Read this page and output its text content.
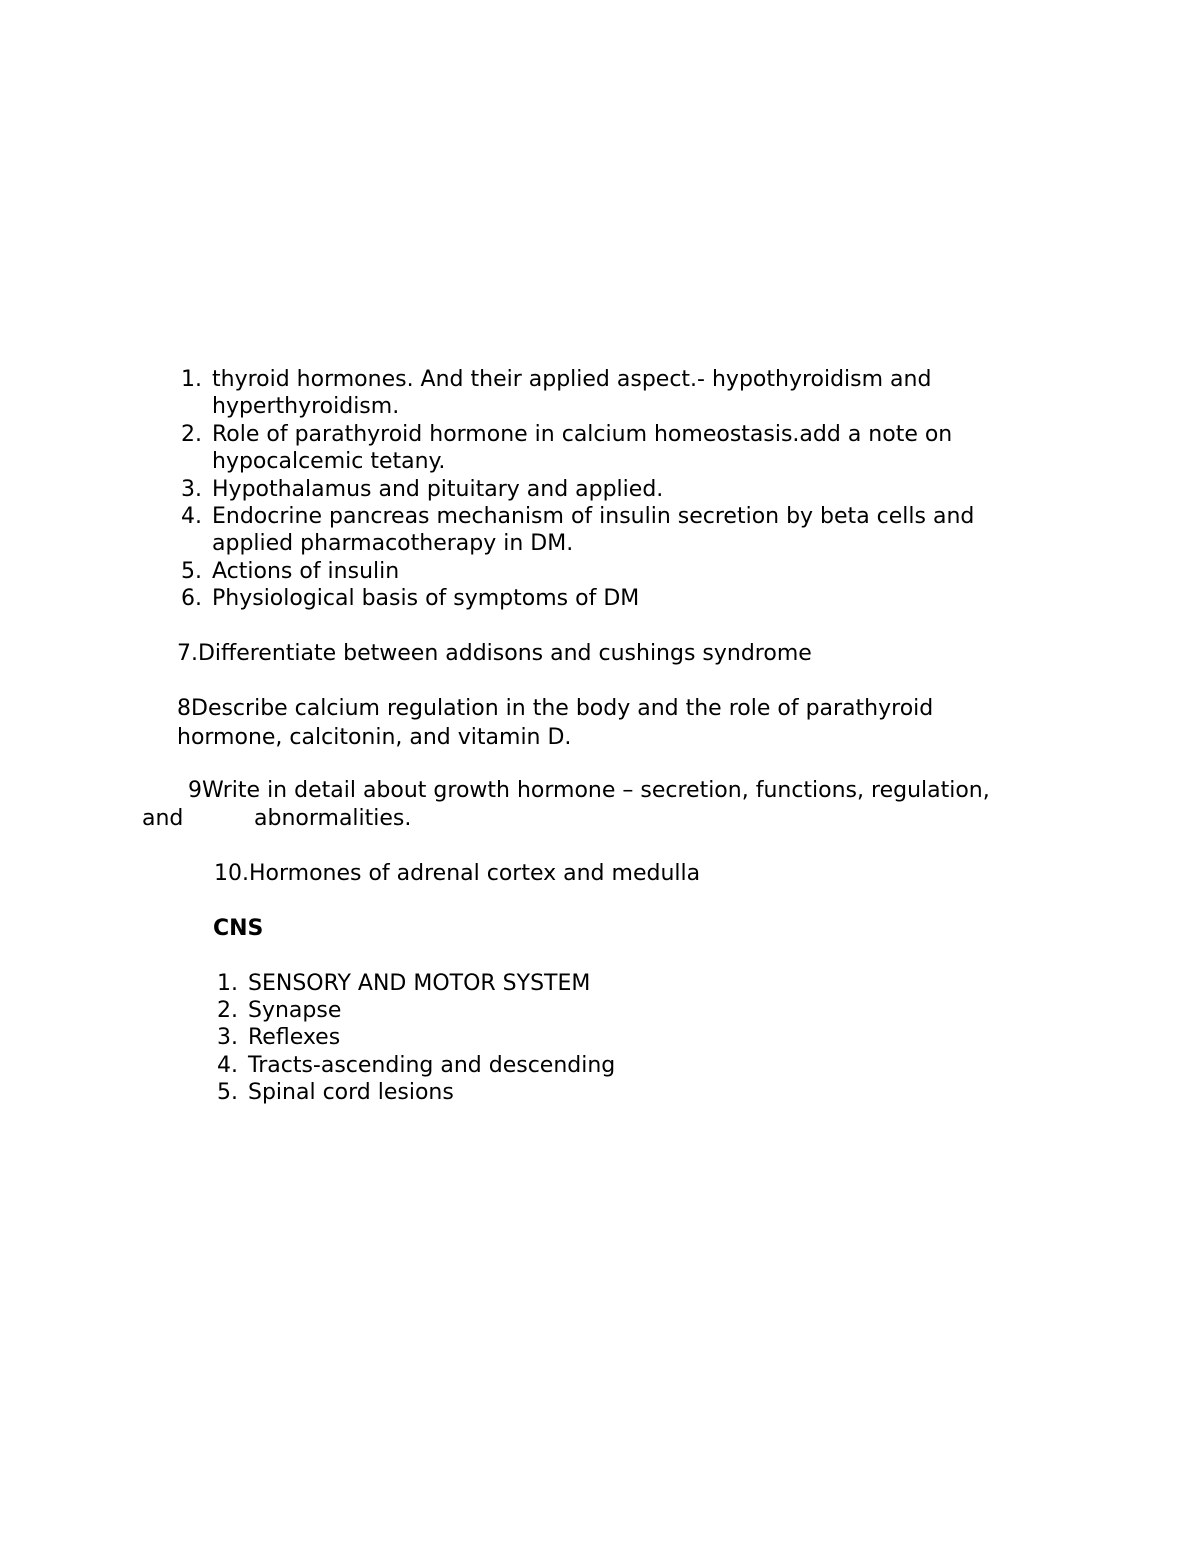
1. thyroid hormones. And their applied aspect.- hypothyroidism and
hyperthyroidism.
2. Role of parathyroid hormone in calcium homeostasis.add a note on
hypocalcemic tetany.
3. Hypothalamus and pituitary and applied.
4. Endocrine pancreas mechanism of insulin secretion by beta cells and
applied pharmacotherapy in DM.
5. Actions of insulin
6. Physiological basis of symptoms of DM
7.Differentiate between addisons and cushings syndrome
8Describe calcium regulation in the body and the role of parathyroid
hormone, calcitonin, and vitamin D.
9Write in detail about growth hormone – secretion, functions, regulation,
and	abnormalities.
10.Hormones of adrenal cortex and medulla
CNS
1. SENSORY AND MOTOR SYSTEM
2. Synapse
3. Reflexes
4. Tracts-ascending and descending
5. Spinal cord lesions
